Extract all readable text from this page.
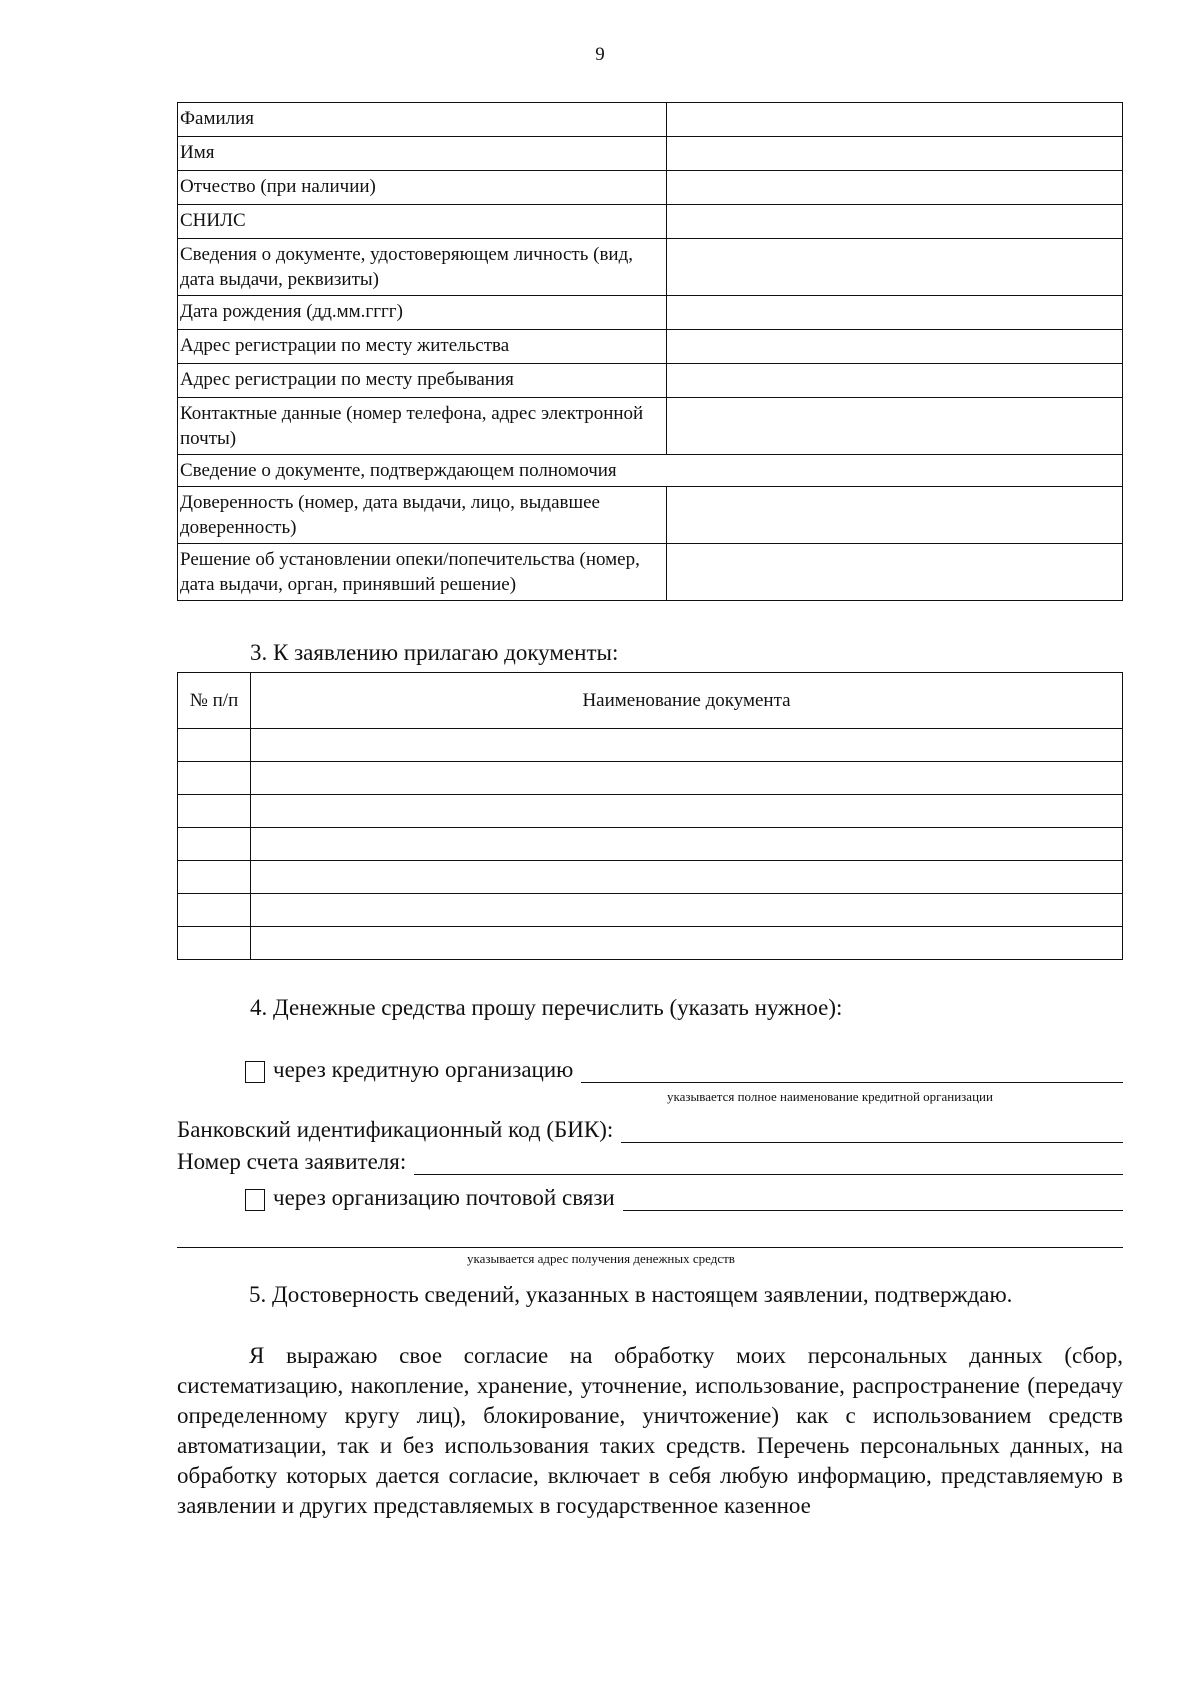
9
Фамилия	
Имя	
Отчество (при наличии)	
СНИЛС	
Сведения о документе, удостоверяющем личность (вид, дата выдачи, реквизиты)	
Дата рождения (дд.мм.гггг)	
Адрес регистрации по месту жительства	
Адрес регистрации по месту пребывания	
Контактные данные (номер телефона, адрес электронной почты)	
Сведение о документе, подтверждающем полномочия	
Доверенность (номер, дата выдачи, лицо, выдавшее доверенность)	
Решение об установлении опеки/попечительства (номер, дата выдачи, орган, принявший решение)	
3. К заявлению прилагаю документы:
№ п/п	Наименование документа

4. Денежные средства прошу перечислить (указать нужное):
через кредитную организацию
указывается полное наименование кредитной организации
Банковский идентификационный код (БИК):
Номер счета заявителя:
через организацию почтовой связи
указывается адрес получения денежных средств
5. Достоверность сведений, указанных в настоящем заявлении, подтверждаю.
Я выражаю свое согласие на обработку моих персональных данных (сбор, систематизацию, накопление, хранение, уточнение, использование, распространение (передачу определенному кругу лиц), блокирование, уничтожение) как с использованием средств автоматизации, так и без использования таких средств. Перечень персональных данных, на обработку которых дается согласие, включает в себя любую информацию, представляемую в заявлении и других представляемых в государственное казенное
